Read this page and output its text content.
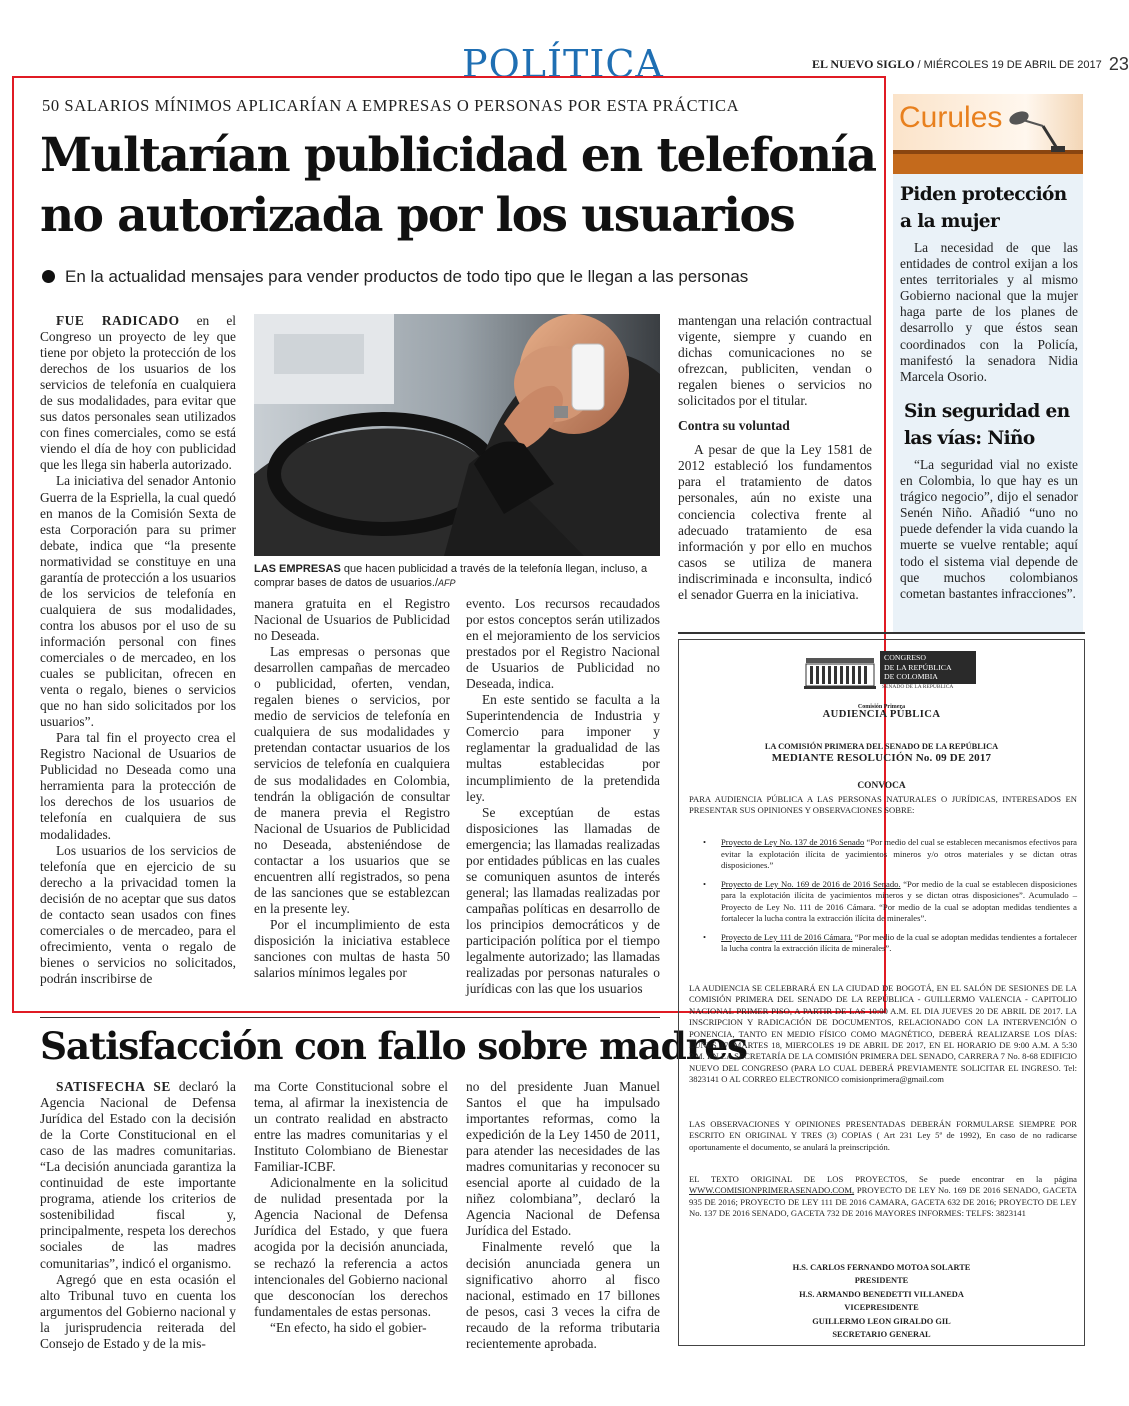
POLÍTICA	EL NUEVO SIGLO / MIÉRCOLES 19 DE ABRIL DE 2017 23
50 SALARIOS MÍNIMOS APLICARÍAN A EMPRESAS O PERSONAS POR ESTA PRÁCTICA
Multarían publicidad en telefonía no autorizada por los usuarios
En la actualidad mensajes para vender productos de todo tipo que le llegan a las personas

FUE RADICADO en el Congreso un proyecto de ley que tiene por objeto la protección de los derechos de los usuarios de los servicios de telefonía en cualquiera de sus modalidades, para evitar que sus datos personales sean utilizados con fines comerciales, como se está viendo el día de hoy con publicidad que les llega sin haberla autorizado.

La iniciativa del senador Antonio Guerra de la Espriella, la cual quedó en manos de la Comisión Sexta de esta Corporación para su primer debate, indica que “la presente normatividad se constituye en una garantía de protección a los usuarios de los servicios de telefonía en cualquiera de sus modalidades, contra los abusos por el uso de su información personal con fines comerciales o de mercadeo, en los cuales se publicitan, ofrecen en venta o regalo, bienes o servicios que no han sido solicitados por los usuarios”.

Para tal fin el proyecto crea el Registro Nacional de Usuarios de Publicidad no Deseada como una herramienta para la protección de los derechos de los usuarios de telefonía en cualquiera de sus modalidades.

Los usuarios de los servicios de telefonía que en ejercicio de su derecho a la privacidad tomen la decisión de no aceptar que sus datos de contacto sean usados con fines comerciales o de mercadeo, para el ofrecimiento, venta o regalo de bienes o servicios no solicitados, podrán inscribirse de

LAS EMPRESAS que hacen publicidad a través de la telefonía llegan, incluso, a comprar bases de datos de usuarios./AFP

manera gratuita en el Registro Nacional de Usuarios de Publicidad no Deseada.

Las empresas o personas que desarrollen campañas de mercadeo o publicidad, oferten, vendan, regalen bienes o servicios, por medio de servicios de telefonía en cualquiera de sus modalidades y pretendan contactar usuarios de los servicios de telefonía en cualquiera de sus modalidades en Colombia, tendrán la obligación de consultar de manera previa el Registro Nacional de Usuarios de Publicidad no Deseada, absteniéndose de contactar a los usuarios que se encuentren allí registrados, so pena de las sanciones que se establezcan en la presente ley.

Por el incumplimiento de esta disposición la iniciativa establece sanciones con multas de hasta 50 salarios mínimos legales por

evento. Los recursos recaudados por estos conceptos serán utilizados en el mejoramiento de los servicios prestados por el Registro Nacional de Usuarios de Publicidad no Deseada, indica.

En este sentido se faculta a la Superintendencia de Industria y Comercio para imponer y reglamentar la gradualidad de las multas establecidas por incumplimiento de la pretendida ley.

Se exceptúan de estas disposiciones las llamadas de emergencia; las llamadas realizadas por entidades públicas en las cuales se comuniquen asuntos de interés general; las llamadas realizadas por campañas políticas en desarrollo de los principios democráticos y de participación política por el tiempo legalmente autorizado; las llamadas realizadas por personas naturales o jurídicas con las que los usuarios

mantengan una relación contractual vigente, siempre y cuando en dichas comunicaciones no se ofrezcan, publiciten, vendan o regalen bienes o servicios no solicitados por el titular.

Contra su voluntad

A pesar de que la Ley 1581 de 2012 estableció los fundamentos para el tratamiento de datos personales, aún no existe una conciencia colectiva frente al adecuado tratamiento de esa información y por ello en muchos casos se utiliza de manera indiscriminada e inconsulta, indicó el senador Guerra en la iniciativa.

Curules
Piden protección a la mujer

La necesidad de que las entidades de control exijan a los entes territoriales y al mismo Gobierno nacional que la mujer haga parte de los planes de desarrollo y que éstos sean coordinados con la Policía, manifestó la senadora Nidia Marcela Osorio.

Sin seguridad en las vías: Niño

“La seguridad vial no existe en Colombia, lo que hay es un trágico negocio”, dijo el senador Senén Niño. Añadió “uno no puede defender la vida cuando la muerte se vuelve rentable; aquí todo el sistema vial depende de que muchos colombianos cometan bastantes infracciones”.

Satisfacción con fallo sobre madres

SATISFECHA SE declaró la Agencia Nacional de Defensa Jurídica del Estado con la decisión de la Corte Constitucional en el caso de las madres comunitarias. “La decisión anunciada garantiza la continuidad de este importante programa, atiende los criterios de sostenibilidad fiscal y, principalmente, respeta los derechos sociales de las madres comunitarias”, indicó el organismo.

Agregó que en esta ocasión el alto Tribunal tuvo en cuenta los argumentos del Gobierno nacional y la jurisprudencia reiterada del Consejo de Estado y de la mis-

ma Corte Constitucional sobre el tema, al afirmar la inexistencia de un contrato realidad en abstracto entre las madres comunitarias y el Instituto Colombiano de Bienestar Familiar-ICBF.

Adicionalmente en la solicitud de nulidad presentada por la Agencia Nacional de Defensa Jurídica del Estado, y que fuera acogida por la decisión anunciada, se rechazó la referencia a actos intencionales del Gobierno nacional que desconocían los derechos fundamentales de estas personas.

“En efecto, ha sido el gobier-

no del presidente Juan Manuel Santos el que ha impulsado importantes reformas, como la expedición de la Ley 1450 de 2011, para atender las necesidades de las madres comunitarias y reconocer su esencial aporte al cuidado de la niñez colombiana”, declaró la Agencia Nacional de Defensa Jurídica del Estado.

Finalmente reveló que la decisión anunciada genera un significativo ahorro al fisco nacional, estimado en 17 billones de pesos, casi 3 veces la cifra de recaudo de la reforma tributaria recientemente aprobada.

CONGRESO
DE LA REPÚBLICA
DE COLOMBIA
SENADO DE LA REPÚBLICA
Comisión Primera
AUDIENCIA PÚBLICA
LA COMISIÓN PRIMERA DEL SENADO DE LA REPÚBLICA
MEDIANTE RESOLUCIÓN No. 09 DE 2017
CONVOCA
PARA AUDIENCIA PÚBLICA A LAS PERSONAS NATURALES O JURÍDICAS, INTERESADOS EN PRESENTAR SUS OPINIONES Y OBSERVACIONES SOBRE:
• Proyecto de Ley No. 137 de 2016 Senado “Por medio del cual se establecen mecanismos efectivos para evitar la explotación ilícita de yacimientos mineros y/o otros materiales y se dictan otras disposiciones.”
• Proyecto de Ley No. 169 de 2016 de 2016 Senado. “Por medio de la cual se establecen disposiciones para la explotación ilícita de yacimientos mineros y se dictan otras disposiciones”. Acumulado – Proyecto de Ley No. 111 de 2016 Cámara. “Por medio de la cual se adoptan medidas tendientes a fortalecer la lucha contra la extracción ilícita de minerales”.
• Proyecto de Ley 111 de 2016 Cámara. “Por medio de la cual se adoptan medidas tendientes a fortalecer la lucha contra la extracción ilícita de minerales”.
LA AUDIENCIA SE CELEBRARÁ EN LA CIUDAD DE BOGOTÁ, EN EL SALÓN DE SESIONES DE LA COMISIÓN PRIMERA DEL SENADO DE LA REPÚBLICA - GUILLERMO VALENCIA - CAPITOLIO NACIONAL PRIMER PISO, A PARTIR DE LAS 10:00 A.M. EL DIA JUEVES 20 DE ABRIL DE 2017. LA INSCRIPCION Y RADICACIÓN DE DOCUMENTOS, RELACIONADO CON LA INTERVENCIÓN O PONENCIA, TANTO EN MEDIO FÍSICO COMO MAGNÉTICO, DEBERÁ REALIZARSE LOS DÍAS: LUNES 17, MARTES 18, MIERCOLES 19 DE ABRIL DE 2017, EN EL HORARIO DE 9:00 A.M. A 5:30 P.M. EN LA SECRETARÍA DE LA COMISIÓN PRIMERA DEL SENADO, CARRERA 7 No. 8-68 EDIFICIO NUEVO DEL CONGRESO (PARA LO CUAL DEBERÁ PREVIAMENTE SOLICITAR EL INGRESO. Tel: 3823141 O AL CORREO ELECTRONICO comisionprimera@gmail.com
LAS OBSERVACIONES Y OPINIONES PRESENTADAS DEBERÁN FORMULARSE SIEMPRE POR ESCRITO EN ORIGINAL Y TRES (3) COPIAS ( Art 231 Ley 5ª de 1992), En caso de no radicarse oportunamente el documento, se anulará la preinscripción.
EL TEXTO ORIGINAL DE LOS PROYECTOS, Se puede encontrar en la página WWW.COMISIONPRIMERASENADO.COM, PROYECTO DE LEY No. 169 DE 2016 SENADO, GACETA 935 DE 2016; PROYECTO DE LEY 111 DE 2016 CAMARA, GACETA 632 DE 2016; PROYECTO DE LEY No. 137 DE 2016 SENADO, GACETA 732 DE 2016 MAYORES INFORMES: TELFS: 3823141
H.S. CARLOS FERNANDO MOTOA SOLARTE
PRESIDENTE
H.S. ARMANDO BENEDETTI VILLANEDA
VICEPRESIDENTE
GUILLERMO LEON GIRALDO GIL
SECRETARIO GENERAL
